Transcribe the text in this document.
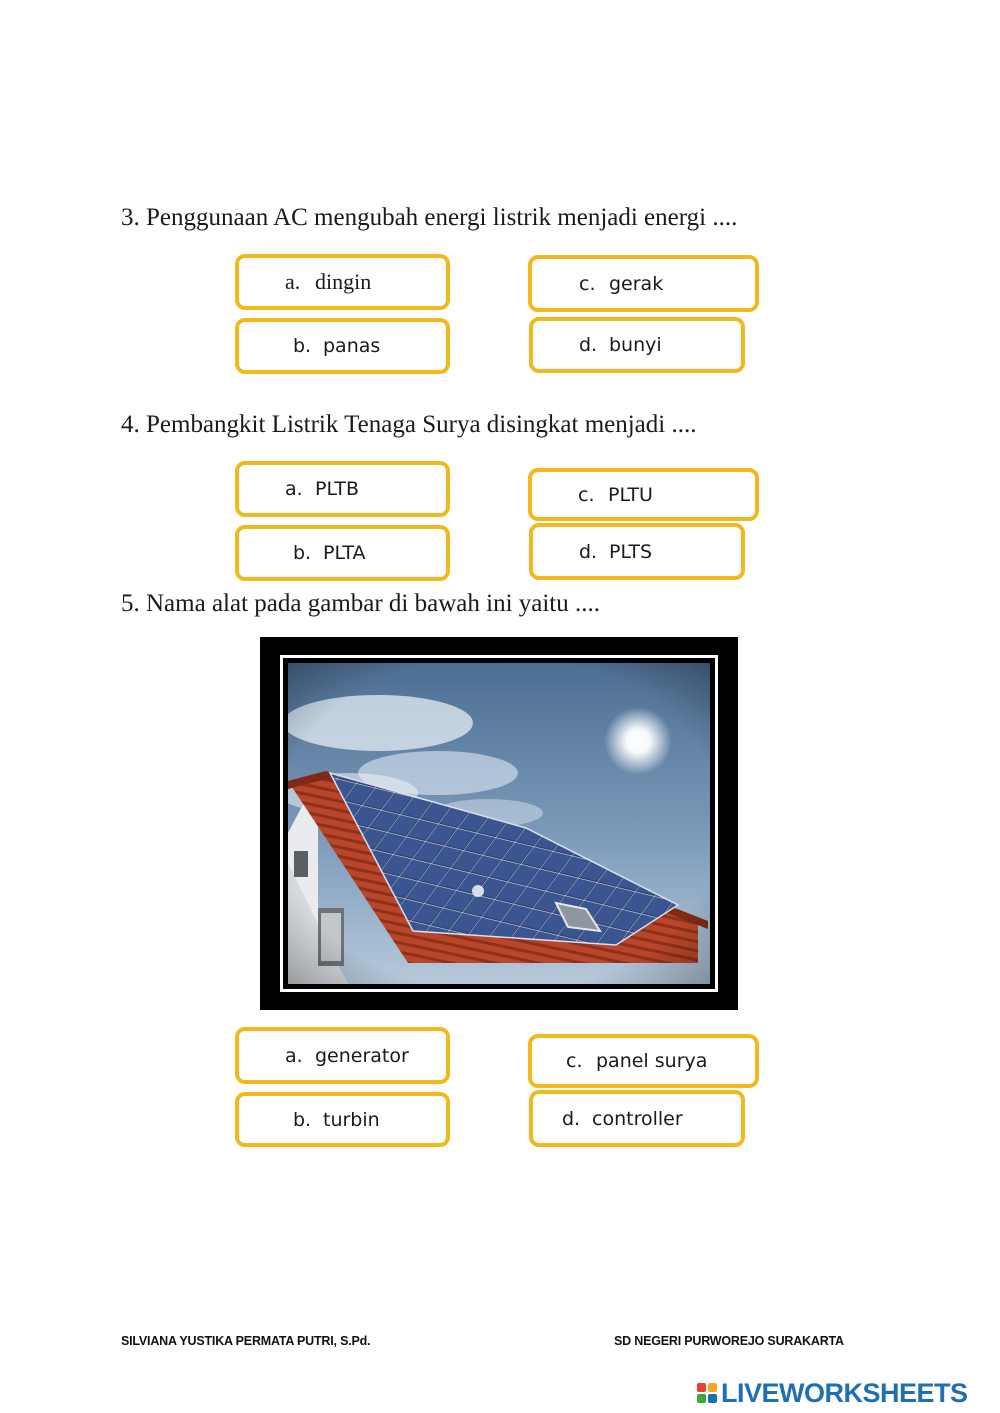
3. Penggunaan AC mengubah energi listrik menjadi energi ....

a. dingin
b. panas
c. gerak
d. bunyi

4. Pembangkit Listrik Tenaga Surya disingkat menjadi ....

a. PLTB
b. PLTA
c. PLTU
d. PLTS

5. Nama alat pada gambar di bawah ini yaitu ....

a. generator
b. turbin
c. panel surya
d. controller
SILVIANA YUSTIKA PERMATA PUTRI, S.Pd.	SD NEGERI PURWOREJO SURAKARTA
LIVEWORKSHEETS
